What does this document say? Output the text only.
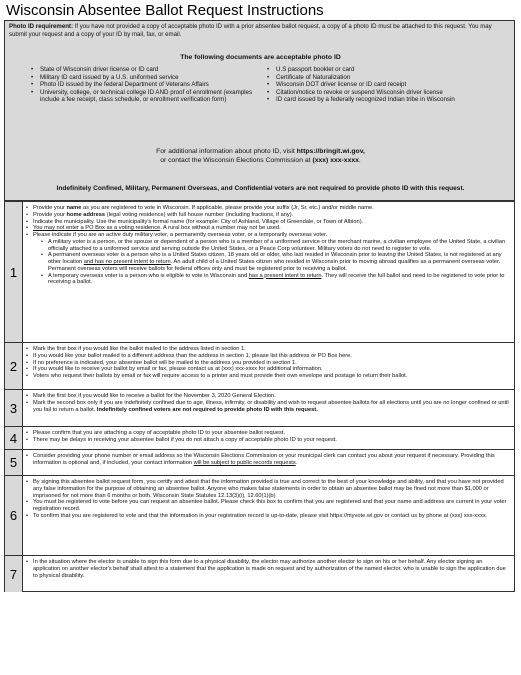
Wisconsin Absentee Ballot Request Instructions
Photo ID requirement: If you have not provided a copy of acceptable photo ID with a prior absentee ballot request, a copy of a photo ID must be attached to this request. You may submit your request and a copy of your ID by mail, fax, or email.
The following documents are acceptable photo ID
• State of Wisconsin driver license or ID card
• Military ID card issued by a U.S. uniformed service
• Photo ID issued by the federal Department of Veterans Affairs
• University, college, or technical college ID AND proof of enrollment (examples include a fee receipt, class schedule, or enrollment verification form)
• U.S passport booklet or card
• Certificate of Naturalization
• Wisconsin DOT driver license or ID card receipt
• Citation/notice to revoke or suspend Wisconsin driver license
• ID card issued by a federally recognized Indian tribe in Wisconsin
For additional information about photo ID, visit https://bringit.wi.gov,
or contact the Wisconsin Elections Commission at (xxx) xxx-xxxx.
Indefinitely Confined, Military, Permanent Overseas, and Confidential voters are not required to provide photo ID with this request.
1
• Provide your name as you are registered to vote in Wisconsin. If applicable, please provide your suffix (Jr, Sr, etc.) and/or middle name.
• Provide your home address (legal voting residence) with full house number (including fractions, if any).
• Indicate the municipality. Use the municipality's formal name (for example: City of Ashland, Village of Greendale, or Town of Albion).
• You may not enter a PO Box as a voting residence. A rural box without a number may not be used.
• Please indicate if you are an active duty military voter, a permanently overseas voter, or a temporarily overseas voter.
• A military voter is a person, or the spouse or dependent of a person who is a member of a uniformed service or the merchant marine, a civilian employee of the United State, a civilian officially attached to a uniformed service and serving outside the United States, or a Peace Corp volunteer. Military voters do not need to register to vote.
• A permanent overseas voter is a person who is a United States citizen, 18 years old or older, who last resided in Wisconsin prior to leaving the United States, is not registered at any other location and has no present intent to return. An adult child of a United States citizen who resided in Wisconsin prior to moving abroad qualifies as a permanent overseas voter. Permanent overseas voters will receive ballots for federal offices only and must be registered prior to receiving a ballot.
• A temporary overseas voter is a person who is eligible to vote in Wisconsin and has a present intent to return. They will receive the full ballot and need to be registered to vote prior to receiving a ballot.
2
• Mark the first box if you would like the ballot mailed to the address listed in section 1.
• If you would like your ballot mailed to a different address than the address in section 1, please list this address or PO Box here.
• If no preference is indicated, your absentee ballot will be mailed to the address you provided in section 1.
• If you would like to receive your ballot by email or fax, please contact us at (xxx) xxx-xxxx for additional information.
• Voters who request their ballots by email or fax will require access to a printer and must provide their own envelope and postage to return their ballot.
3
• Mark the first box if you would like to receive a ballot for the November 3, 2020 General Election.
• Mark the second box only if you are indefinitely confined due to age, illness, infirmity, or disability and wish to request absentee ballots for all elections until you are no longer confined or until you fail to return a ballot. Indefinitely confined voters are not required to provide photo ID with this request.
4	• Please confirm that you are attaching a copy of acceptable photo ID to your absentee ballot request.
• There may be delays in receiving your absentee ballot if you do not attach a copy of acceptable photo ID to your request.
5	• Consider providing your phone number or email address so the Wisconsin Elections Commission or your municipal clerk can contact you about your request if necessary. Providing this information is optional and, if included, your contact information will be subject to public records requests.
6
• By signing this absentee ballot request form, you certify and attest that the information provided is true and correct to the best of your knowledge and ability, and that you have not provided any false information for the purpose of obtaining an absentee ballot. Anyone who makes false statements in order to obtain an absentee ballot may be fined not more than $1,000 or imprisoned for not more than 6 months or both. Wisconsin State Statutes 12.13(3)(i), 12.60(1)(b)
• You must be registered to vote before you can request an absentee ballot. Please check this box to confirm that you are registered and that your name and address are current in your voter registration record.
• To confirm that you are registered to vote and that the information in your registration record is up-to-date, please visit https://myvote.wi.gov or contact us by phone at (xxx) xxx-xxxx.
7
• In the situation where the elector is unable to sign this form due to a physical disability, the elector may authorize another elector to sign on his or her behalf. Any elector signing an application on another elector's behalf shall attest to a statement that the application is made on request and by authorization of the named elector, who is unable to sign the application due to physical disability.
